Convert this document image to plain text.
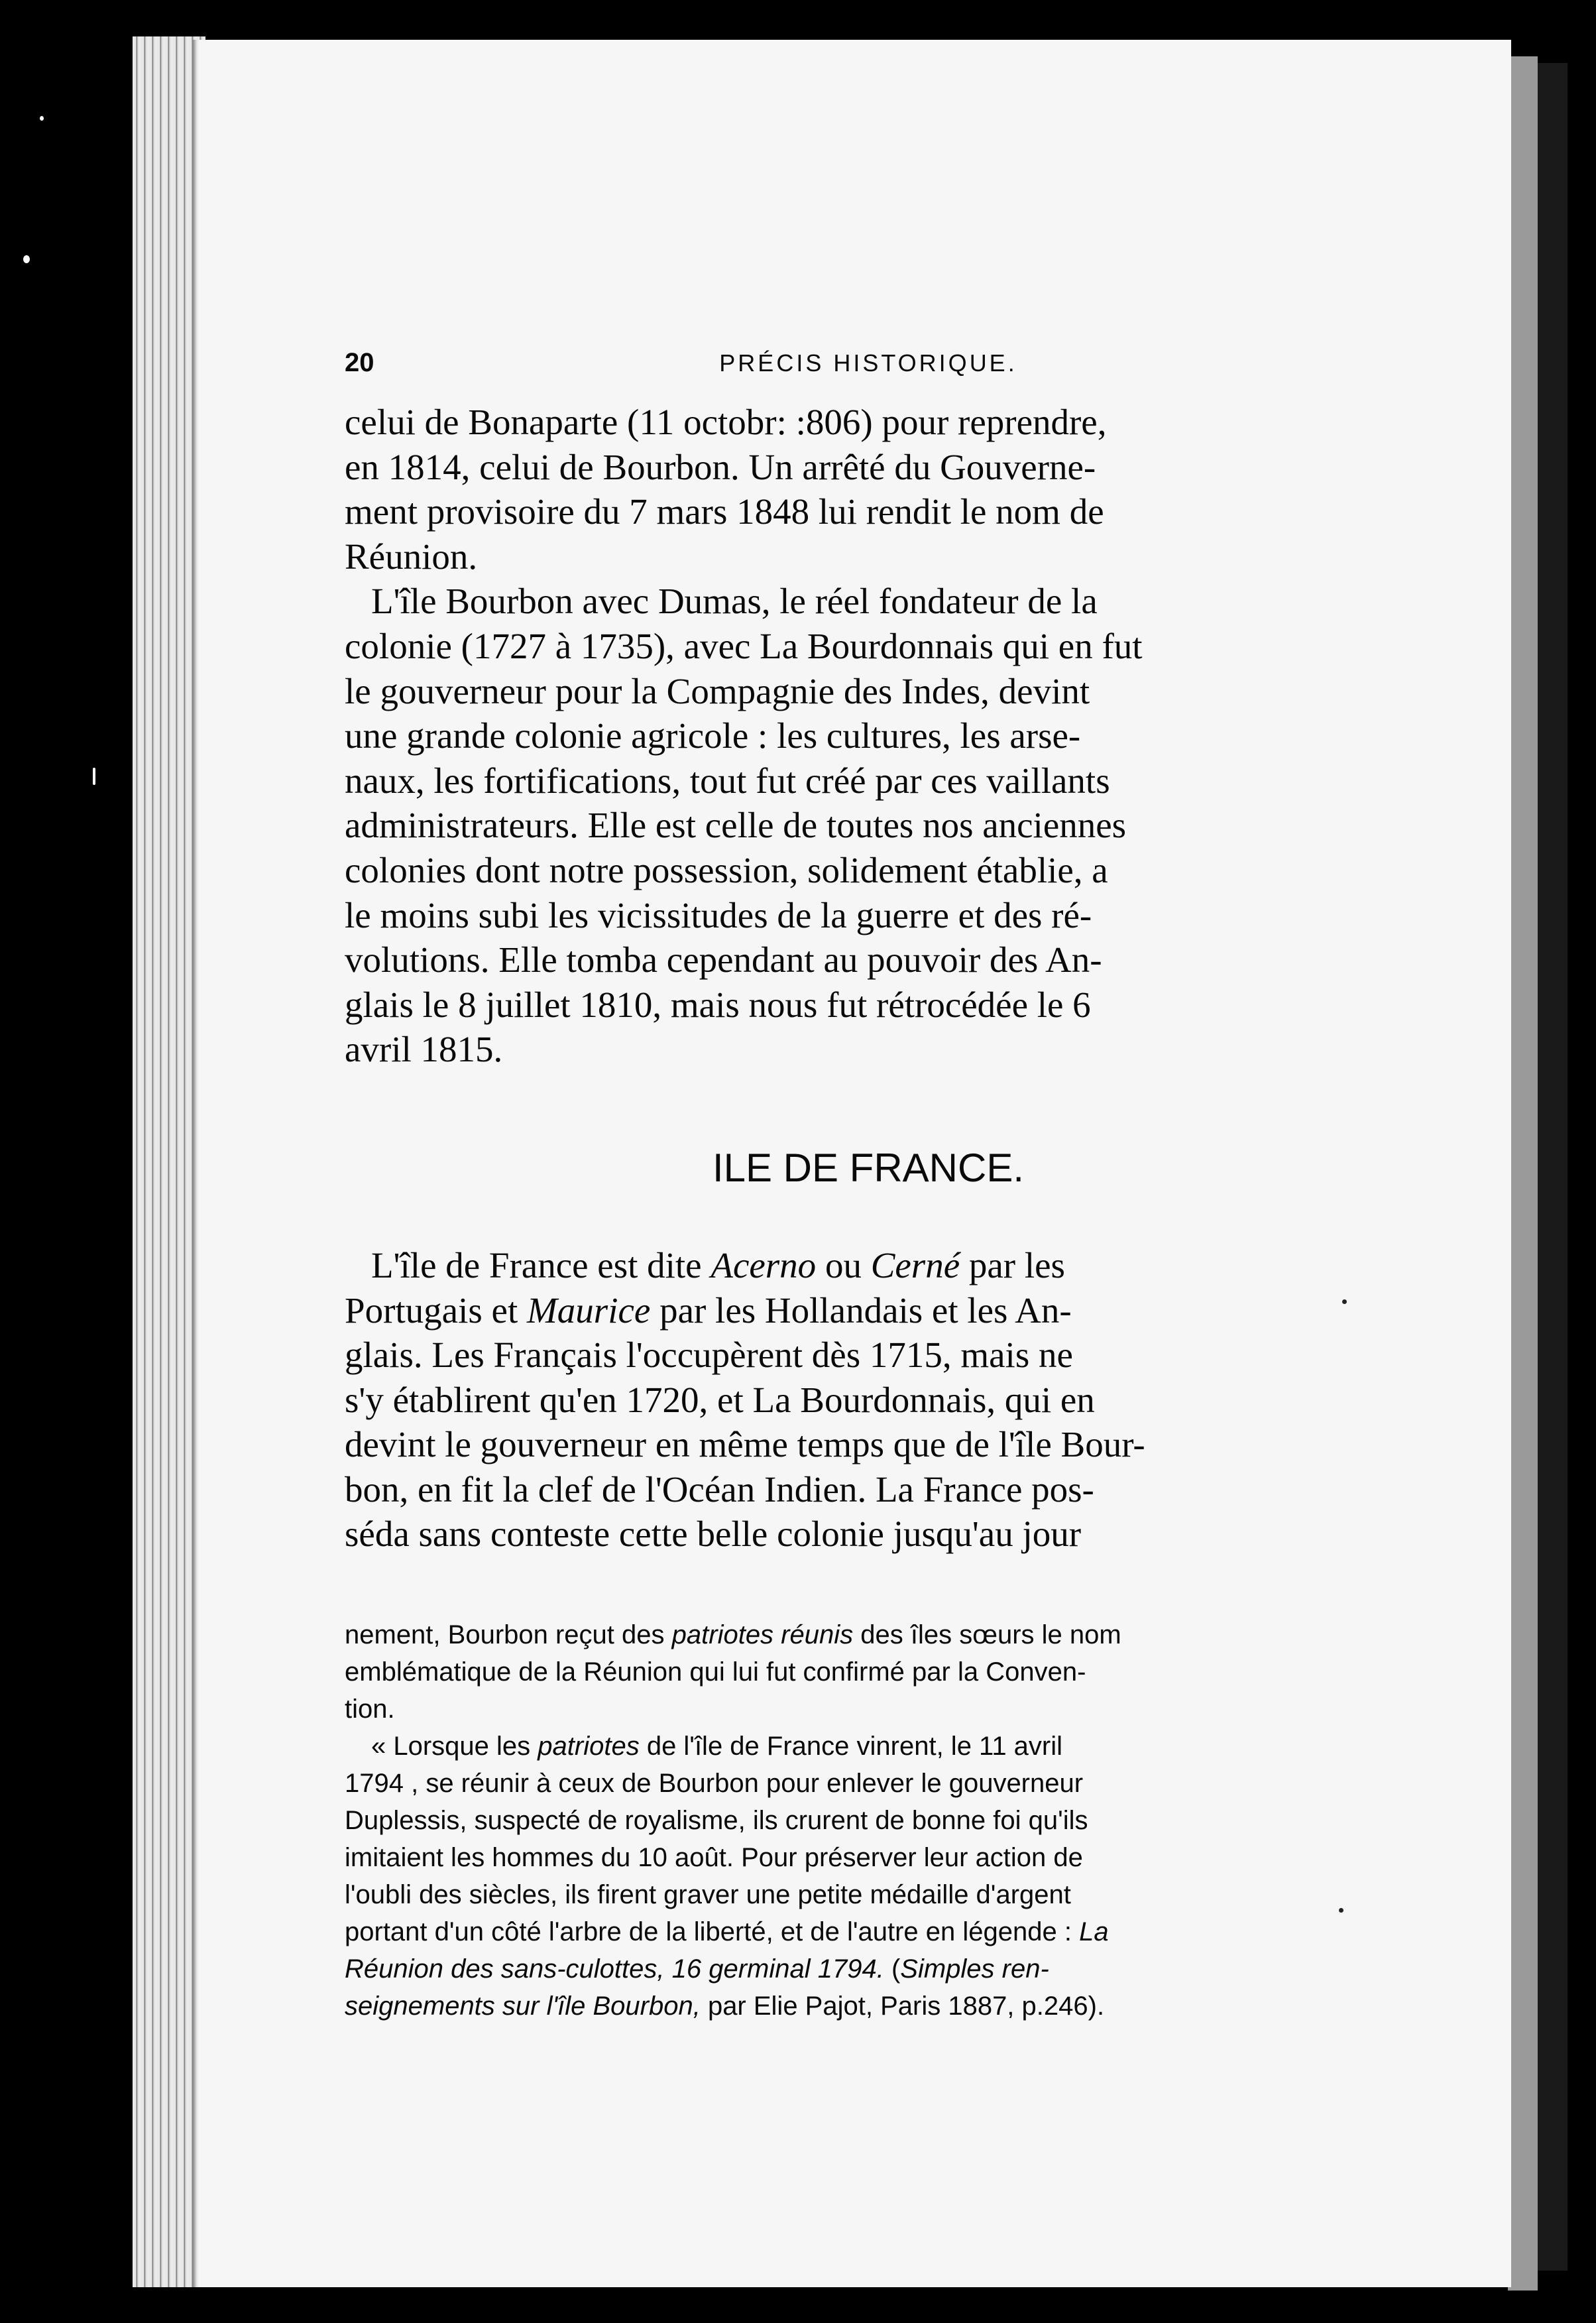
20	PRÉCIS HISTORIQUE.

celui de Bonaparte (11 octobr: :806) pour reprendre,
en 1814, celui de Bourbon. Un arrêté du Gouverne-
ment provisoire du 7 mars 1848 lui rendit le nom de
Réunion.

L'île Bourbon avec Dumas, le réel fondateur de la
colonie (1727 à 1735), avec La Bourdonnais qui en fut
le gouverneur pour la Compagnie des Indes, devint
une grande colonie agricole : les cultures, les arse-
naux, les fortifications, tout fut créé par ces vaillants
administrateurs. Elle est celle de toutes nos anciennes
colonies dont notre possession, solidement établie, a
le moins subi les vicissitudes de la guerre et des ré-
volutions. Elle tomba cependant au pouvoir des An-
glais le 8 juillet 1810, mais nous fut rétrocédée le 6
avril 1815.

ILE DE FRANCE.

L'île de France est dite Acerno ou Cerné par les
Portugais et Maurice par les Hollandais et les An-
glais. Les Français l'occupèrent dès 1715, mais ne
s'y établirent qu'en 1720, et La Bourdonnais, qui en
devint le gouverneur en même temps que de l'île Bour-
bon, en fit la clef de l'Océan Indien. La France pos-
séda sans conteste cette belle colonie jusqu'au jour

nement, Bourbon reçut des patriotes réunis des îles sœurs le nom
emblématique de la Réunion qui lui fut confirmé par la Conven-
tion.

« Lorsque les patriotes de l'île de France vinrent, le 11 avril
1794 , se réunir à ceux de Bourbon pour enlever le gouverneur
Duplessis, suspecté de royalisme, ils crurent de bonne foi qu'ils
imitaient les hommes du 10 août. Pour préserver leur action de
l'oubli des siècles, ils firent graver une petite médaille d'argent
portant d'un côté l'arbre de la liberté, et de l'autre en légende : La
Réunion des sans-culottes, 16 germinal 1794. (Simples ren-
seignements sur l'île Bourbon, par Elie Pajot, Paris 1887, p.246).
